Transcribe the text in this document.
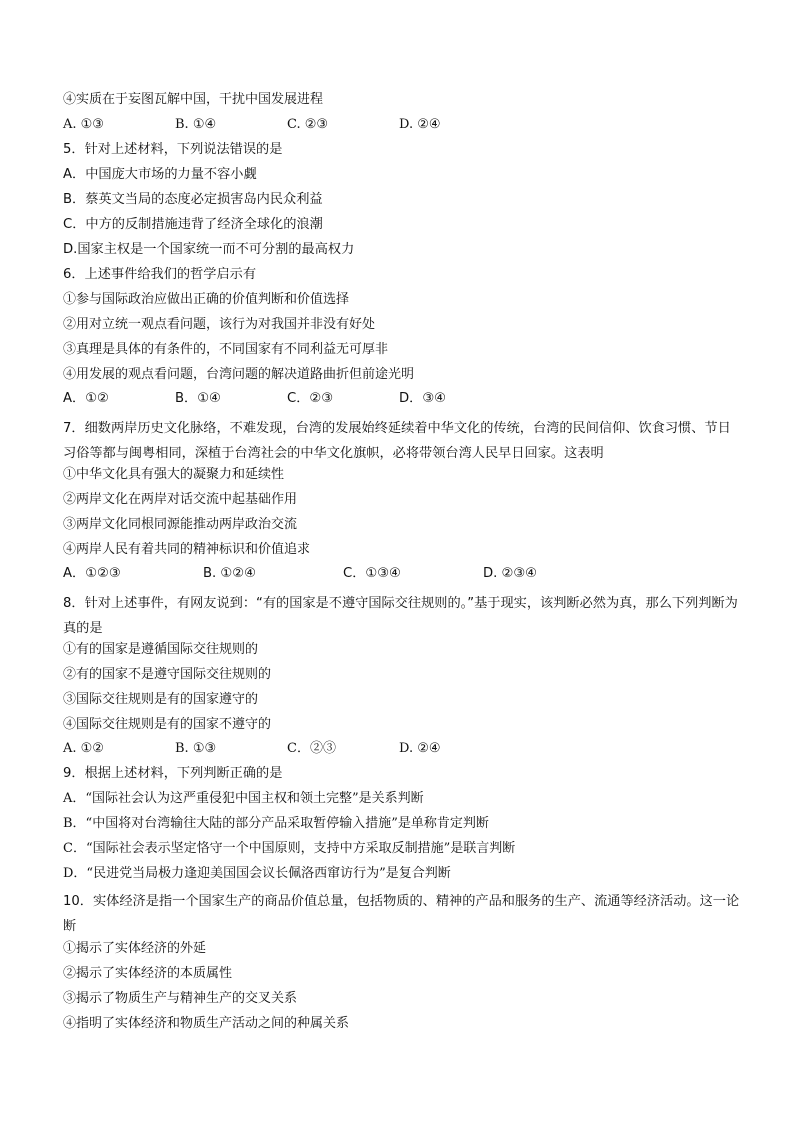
④实质在于妄图瓦解中国，干扰中国发展进程
A. ①③	B. ①④	C. ②③	D. ②④
5．针对上述材料，下列说法错误的是
A．中国庞大市场的力量不容小觑
B．蔡英文当局的态度必定损害岛内民众利益
C．中方的反制措施违背了经济全球化的浪潮
D.国家主权是一个国家统一而不可分割的最高权力
6．上述事件给我们的哲学启示有
①参与国际政治应做出正确的价值判断和价值选择
②用对立统一观点看问题，该行为对我国并非没有好处
③真理是具体的有条件的，不同国家有不同利益无可厚非
④用发展的观点看问题，台湾问题的解决道路曲折但前途光明
A．①②	B．①④	C．②③	D．③④
7．细数两岸历史文化脉络，不难发现，台湾的发展始终延续着中华文化的传统，台湾的民间信仰、饮食习惯、节日习俗等都与闽粤相同，深植于台湾社会的中华文化旗帜，必将带领台湾人民早日回家。这表明
①中华文化具有强大的凝聚力和延续性
②两岸文化在两岸对话交流中起基础作用
③两岸文化同根同源能推动两岸政治交流
④两岸人民有着共同的精神标识和价值追求
A．①②③	B. ①②④	C．①③④	D. ②③④
8．针对上述事件，有网友说到：“有的国家是不遵守国际交往规则的。”基于现实，该判断必然为真，那么下列判断为真的是
①有的国家是遵循国际交往规则的
②有的国家不是遵守国际交往规则的
③国际交往规则是有的国家遵守的
④国际交往规则是有的国家不遵守的
A. ①②	B. ①③	C．②③	D. ②④
9．根据上述材料，下列判断正确的是
A．“国际社会认为这严重侵犯中国主权和领土完整”是关系判断
B．“中国将对台湾输往大陆的部分产品采取暂停输入措施”是单称肯定判断
C．“国际社会表示坚定恪守一个中国原则，支持中方采取反制措施”是联言判断
D．“民进党当局极力逢迎美国国会议长佩洛西窜访行为”是复合判断
10．实体经济是指一个国家生产的商品价值总量，包括物质的、精神的产品和服务的生产、流通等经济活动。这一论断
①揭示了实体经济的外延
②揭示了实体经济的本质属性
③揭示了物质生产与精神生产的交叉关系
④指明了实体经济和物质生产活动之间的种属关系
